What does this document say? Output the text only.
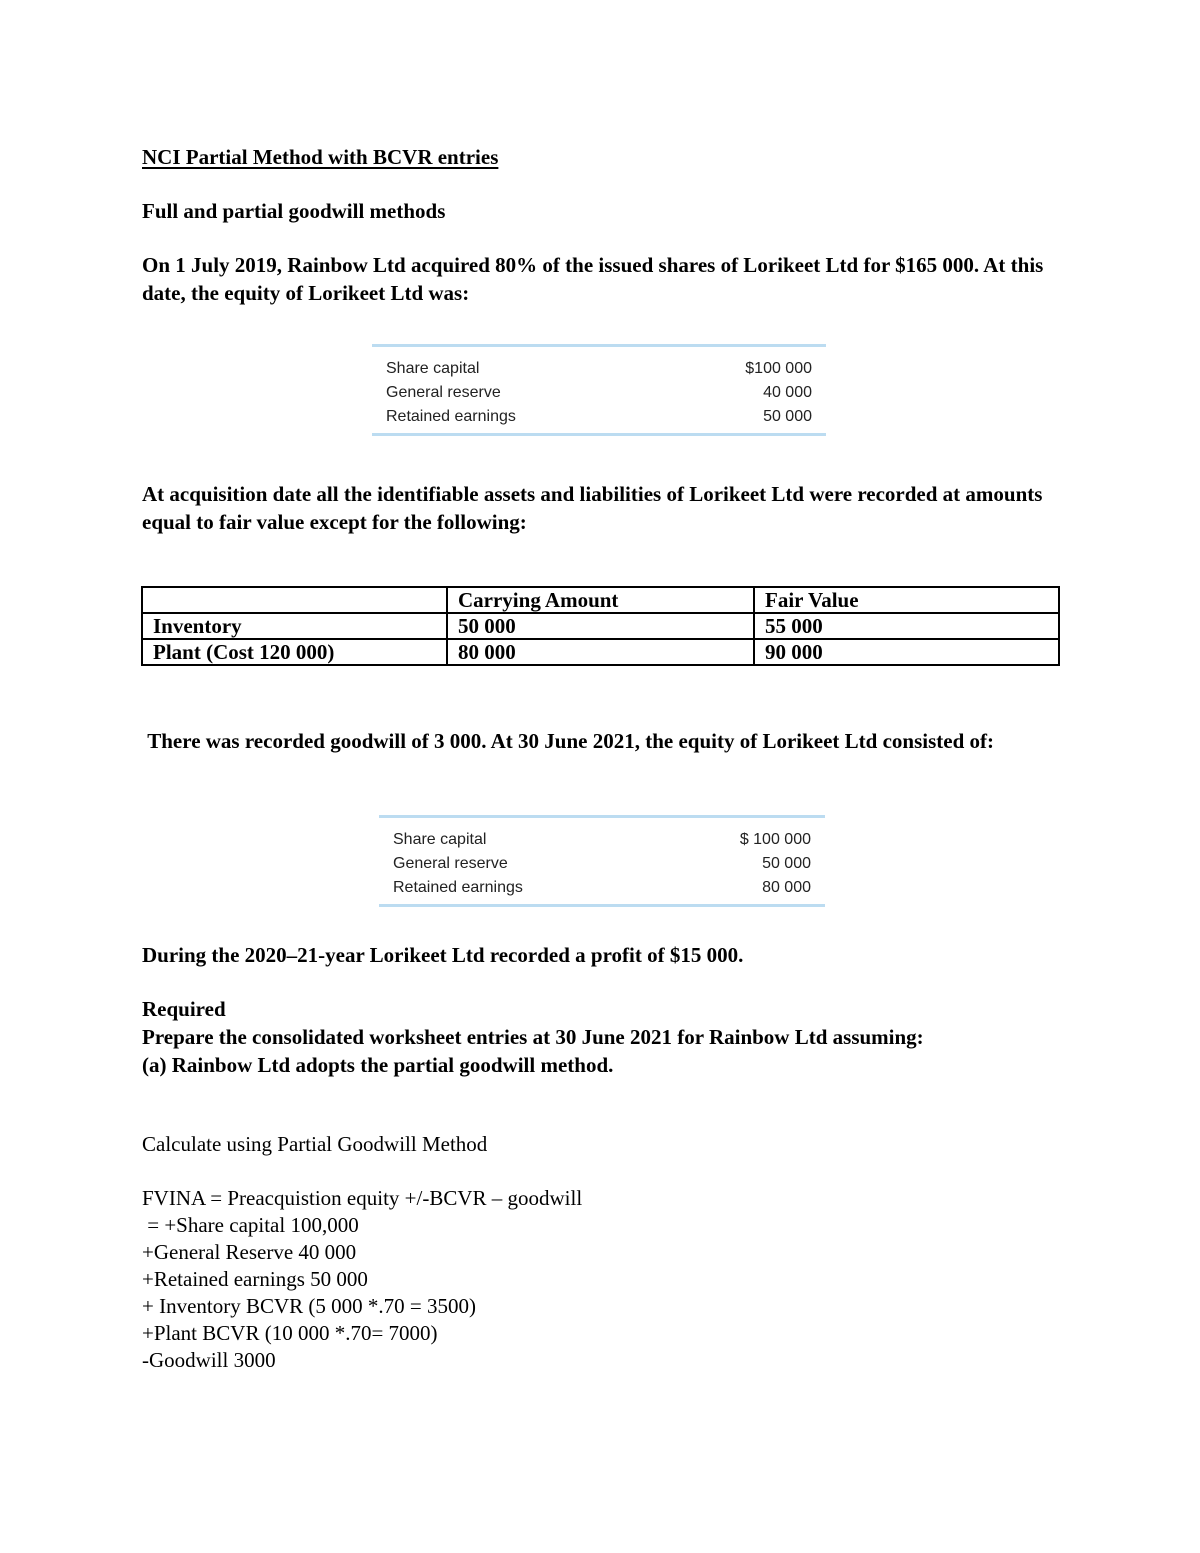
NCI Partial Method with BCVR entries
Full and partial goodwill methods
On 1 July 2019, Rainbow Ltd acquired 80% of the issued shares of Lorikeet Ltd for $165 000. At this date, the equity of Lorikeet Ltd was:
Share capital	$100 000
General reserve	40 000
Retained earnings	50 000
At acquisition date all the identifiable assets and liabilities of Lorikeet Ltd were recorded at amounts equal to fair value except for the following:
	Carrying Amount	Fair Value
Inventory	50 000	55 000
Plant (Cost 120 000)	80 000	90 000
There was recorded goodwill of 3 000. At 30 June 2021, the equity of Lorikeet Ltd consisted of:
Share capital	$ 100 000
General reserve	50 000
Retained earnings	80 000
During the 2020–21-year Lorikeet Ltd recorded a profit of $15 000.
Required
Prepare the consolidated worksheet entries at 30 June 2021 for Rainbow Ltd assuming:
(a) Rainbow Ltd adopts the partial goodwill method.
Calculate using Partial Goodwill Method
FVINA = Preacquistion equity +/-BCVR – goodwill
= +Share capital 100,000
+General Reserve 40 000
+Retained earnings 50 000
+ Inventory BCVR (5 000 *.70 = 3500)
+Plant BCVR (10 000 *.70= 7000)
-Goodwill 3000
